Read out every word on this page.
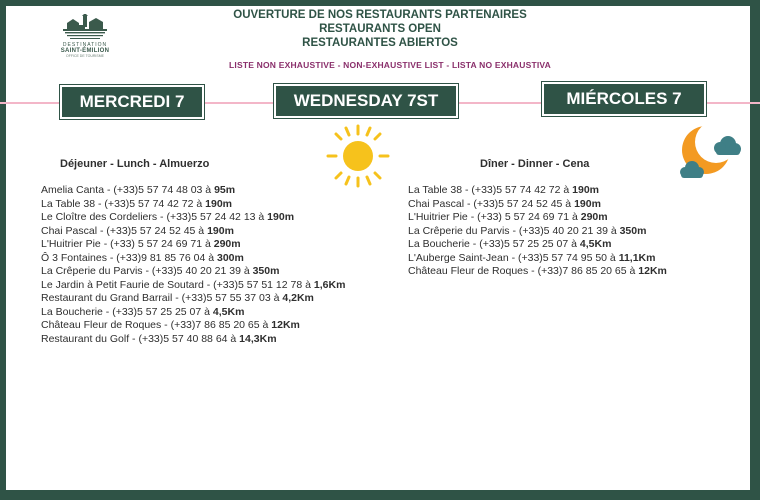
DESTINATION
SAINT-ÉMILION
OFFICE DE TOURISME
OUVERTURE DE NOS RESTAURANTS PARTENAIRES
RESTAURANTS OPEN
RESTAURANTES ABIERTOS
LISTE NON EXHAUSTIVE - NON-EXHAUSTIVE LIST - LISTA NO EXHAUSTIVA
MERCREDI 7	WEDNESDAY 7ST	MIÉRCOLES 7
Déjeuner - Lunch - Almuerzo	Dîner - Dinner - Cena
Amelia Canta - (+33)5 57 74 48 03 à 95m
La Table 38 - (+33)5 57 74 42 72 à 190m
Le Cloître des Cordeliers - (+33)5 57 24 42 13 à 190m
Chai Pascal - (+33)5 57 24 52 45 à 190m
L'Huitrier Pie - (+33) 5 57 24 69 71 à 290m
Ô 3 Fontaines - (+33)9 81 85 76 04 à 300m
La Crêperie du Parvis - (+33)5 40 20 21 39 à 350m
Le Jardin à Petit Faurie de Soutard - (+33)5 57 51 12 78 à 1,6Km
Restaurant du Grand Barrail - (+33)5 57 55 37 03 à 4,2Km
La Boucherie - (+33)5 57 25 25 07 à 4,5Km
Château Fleur de Roques - (+33)7 86 85 20 65 à 12Km
Restaurant du Golf - (+33)5 57 40 88 64 à 14,3Km
La Table 38 - (+33)5 57 74 42 72 à 190m
Chai Pascal - (+33)5 57 24 52 45 à 190m
L'Huitrier Pie - (+33) 5 57 24 69 71 à 290m
La Crêperie du Parvis - (+33)5 40 20 21 39 à 350m
La Boucherie - (+33)5 57 25 25 07 à 4,5Km
L'Auberge Saint-Jean - (+33)5 57 74 95 50 à 11,1Km
Château Fleur de Roques - (+33)7 86 85 20 65 à 12Km
